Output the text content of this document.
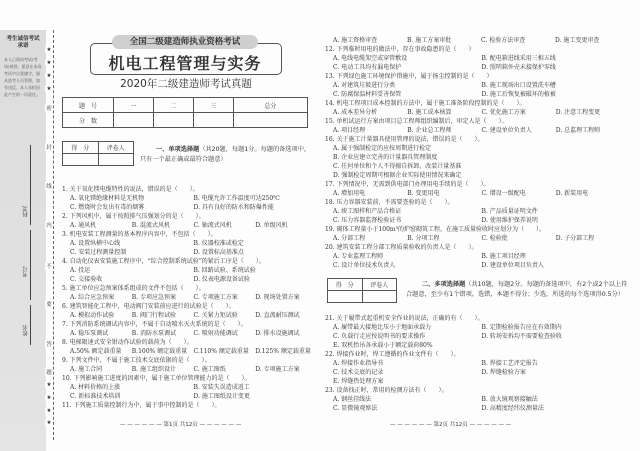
考生诚信考试承诺
本人已阅读考试(考场)规则，愿意在本场考试中自觉遵守，服从监考人员管理，如有违反，本人承担因此产生的一切责任。
科类
考号
姓名
★
★
★
★
密
封
线
内
不
要
答
题
★
★
★
★
全国二级建造师执业资格考试
机电工程管理与实务
2020年二级建造师考试真题
题　号	一	二	三	总分
分　数				
得　分	评卷人
		一、单项选择题（共20题，每题1分。每题的备选项中，只有一个最正确或最符合题意）
1. 关于氧化镁电缆特性的说法，错误的是（　　）。
A. 氧化镁绝缘材料是无机物	B. 电缆允许工作温度可达250℃
C. 燃烧时会发出有毒的烟雾	D. 具有良好的防水和防爆性能
2. 下列风机中，属于按照排气压强划分的是（　　）。
A. 通风机	B. 混流式风机	C. 轴流式风机	D. 单级风机
3. 机电安装工程测量的基本程序内容中，不包括（　　）。
A. 设置纵横中心线	B. 仪器校准或检定
C. 安装过程测量控制	D. 设置标高基准点
4. 自动化仪表安装施工程序中，“综合控制系统试验”的紧后工序是（　　）。
A. 投运	B. 回路试验、系统试验
C. 交接验收	D. 仪表电源设备试验
5. 施工单位应急预案体系组成的文件不包括（　　）。
A. 综合应急预案	B. 专项应急预案	C. 专项施工方案	D. 现场处置方案
6. 建筑智能化工程中，电动阀门安装前应进行的试验是（　　）。
A. 模拟动作试验	B. 阀门行程试验	C. 关紧力矩试验	D. 直流耐压测试
7. 下列消防系统调试内容中，不属于自动喷水灭火系统的是（　　）。
A. 稳压泵调试	B. 消防水泵调试	C. 喷射功能调试	D. 排水设施调试
8. 电梯限速式安全钳动作试验的载荷为（　　）。
A.50% 额定载重量	B.100% 额定载重量	C.110% 额定载重量	D.125% 额定载重量
9. 下列文件中，不属于施工技术交底依据的是（　　）。
A. 施工合同	B. 施工组织设计	C. 施工图纸	D. 专项施工方案
10. 下列影响施工进度的因素中，属于施工单位管理能力的是（　　）。
A. 材料价格的上涨	B. 安装失误造成返工
C. 新标准技术培训	D. 施工图纸设计变更
11. 下列施工质量控制行为中，属于事中控制的是（　　）。
— — — — — — 第1页 共12页 — — — — — —
A. 施工资格审查	B. 施工方案审批	C. 检验方法审查	D. 施工变更审查
12. 下列临时用电的做法中，存在事故隐患的是（　　）
A. 电线电缆架空或穿管敷设	B. 配电箱进线采用三相五线
C. 电动工具均有漏电保护	D. 照明箱外壳未接保护零线
13. 下列绿色施工环境保护措施中，属于扬尘控制的是（　　）
A. 对建筑垃圾进行分类	B. 施工现场出口设置洗车槽
C. 防腐保温材料妥善保管	D. 施工后恢复被破坏的植被
14. 机电工程项目成本控制的方法中，属于施工准备阶段控制的是（　　）。
A. 成本差异分析	B. 施工成本核算	C. 优化施工方案	D. 注意工程变更
15. 单机试运行方案由项目总工程师组织编制后，审定人是（　　）。
A. 项目经理	B. 企业总工程师	C. 建设单位负责人	D. 总监理工程师
16. 关于施工计量器具使用管理的说法，错误的是（　　）。
A. 属于强制检定的应按周期进行检定
B. 企业应建立完善的计量器具管理制度
C. 任何单位和个人不得擅自拆卸、改装计量基准
D. 强制检定周期可根据企业实际使用情况来确定
17. 下列情况中，无需到供电部门办理用电手续的是（　　）。
A. 增加用电	B. 变更用电	C. 增设一级配电	D. 新装用电
18. 压力容器安装前，不需要查验的是（　　）。
A. 竣工图样和产品合格证	B. 产品质量证明文件
C. 压力容器监督检验证书	D. 使用维护保养说明
19. 砌体工程量小于100m³的炉窑砌筑工程，在施工质量验收时应划分为（　　）。
A. 分部工程	B. 分项工程	C. 检验批	D. 子分部工程
20. 建筑安装工程分部工程质量验收的负责人是（　　）。
A. 专业监理工程师	B. 施工项目经理
C. 设计单位技术负责人	D. 建设单位项目负责人
得　分	评卷人
		二、多项选择题（共10题，每题2分。每题的备选项中，有2个或2个以上符合题意，至少有1个错项。选错，本题不得分；少选，所选的每个选项得0.5分）
21. 关于履带式起重机安全作业的说法，正确的有（　　）。
A. 履带最大接地比压小于地面承载力	B. 定期检验报告应在有效期内
C. 负载行走应按说明书的要求操作	D. 转场安拆均不需要检查验收
E. 双机抬吊各承载小于额定载荷80%
22. 焊接作业时，焊工遵循的作业文件有（　　）。
A. 焊接作业指导书	B. 焊接工艺评定报告
C. 技术交底的记录	D. 焊缝检验方案
E. 焊缝热处理方案
23. 设备找正时，常用的检测方法有（　　）。
A. 钢丝挂线法	B. 放大镜观察接触法
C. 显微镜观察法	D. 高精度经纬仪测量法
— — — — — — 第2页 共12页 — — — — — —
